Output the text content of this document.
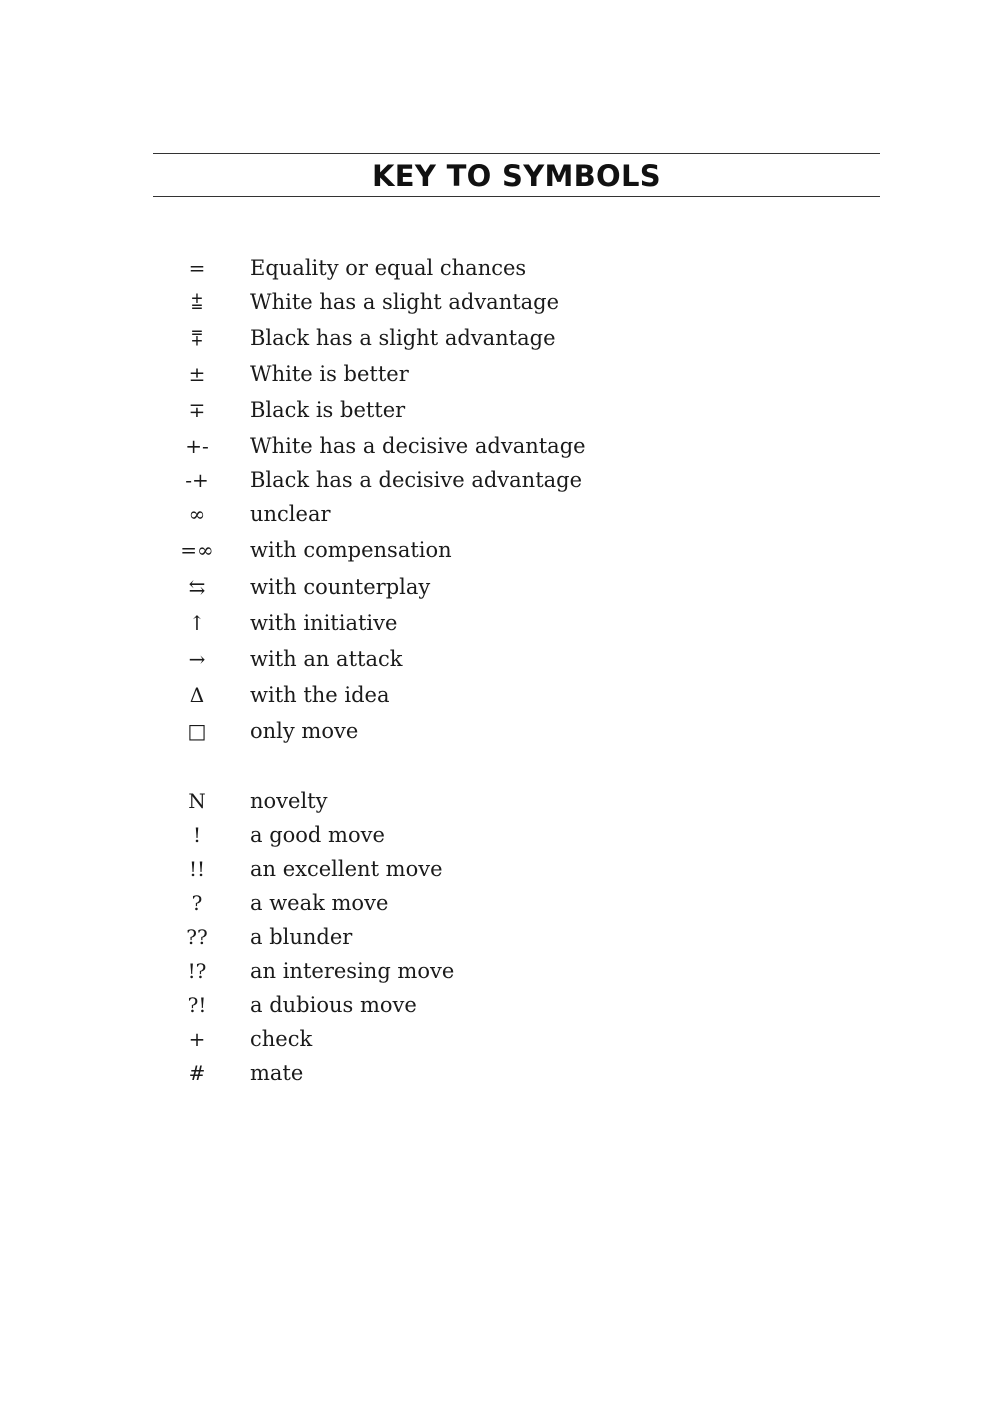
KEY TO SYMBOLS
=	Equality or equal chances
⩲	White has a slight advantage
⩱	Black has a slight advantage
±	White is better
∓	Black is better
+-	White has a decisive advantage
-+	Black has a decisive advantage
∞	unclear
=∞	with compensation
⇆	with counterplay
↑	with initiative
→	with an attack
Δ	with the idea
□	only move
N	novelty
!	a good move
!!	an excellent move
?	a weak move
??	a blunder
!?	an interesing move
?!	a dubious move
+	check
#	mate
